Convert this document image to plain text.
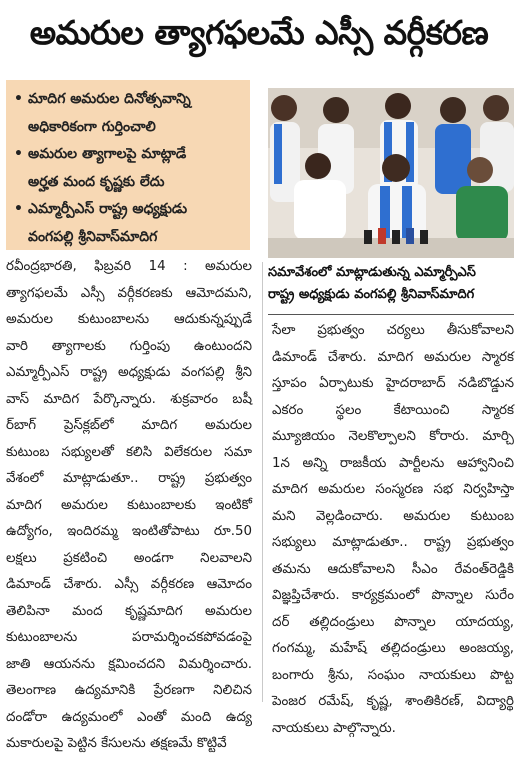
అమరుల త్యాగఫలమే ఎస్సీ వర్గీకరణ
• మాదిగ అమరుల దినోత్సవాన్ని
అధికారికంగా గుర్తించాలి
• అమరుల త్యాగాలపై మాట్లాడే
అర్హత మంద కృష్ణకు లేదు
• ఎమ్మార్పీఎస్ రాష్ట్ర అధ్యక్షుడు
వంగపల్లి శ్రీనివాస్‌మాదిగ
సమావేశంలో మాట్లాడుతున్న ఎమ్మార్పీఎస్
రాష్ట్ర అధ్యక్షుడు వంగపల్లి శ్రీనివాస్‌మాదిగ
రవీంద్రభారతి, ఫిబ్రవరి 14 : అమరుల
త్యాగఫలమే ఎస్సీ వర్గీకరణకు ఆమోదమని,
అమరుల కుటుంబాలను ఆదుకున్నప్పుడే
వారి త్యాగాలకు గుర్తింపు ఉంటుందని
ఎమ్మార్పీఎస్ రాష్ట్ర అధ్యక్షుడు వంగపల్లి శ్రీని
వాస్ మాదిగ పేర్కొన్నారు. శుక్రవారం బషీ
ర్‌బాగ్ ప్రెస్‌క్లబ్‌లో మాదిగ అమరుల
కుటుంబ సభ్యులతో కలిసి విలేకరుల సమా
వేశంలో మాట్లాడుతూ.. రాష్ట్ర ప్రభుత్వం
మాదిగ అమరుల కుటుంబాలకు ఇంటికో
ఉద్యోగం, ఇందిరమ్మ ఇంటితోపాటు రూ.50
లక్షలు ప్రకటించి అండగా నిలవాలని
డిమాండ్ చేశారు. ఎస్సీ వర్గీకరణ ఆమోదం
తెలిపినా మంద కృష్ణమాదిగ అమరుల
కుటుంబాలను పరామర్శించకపోవడంపై
జాతి ఆయనను క్షమించదని విమర్శించారు.
తెలంగాణ ఉద్యమానికి ప్రేరణగా నిలిచిన
దండోరా ఉద్యమంలో ఎంతో మంది ఉద్య
మకారులపై పెట్టిన కేసులను తక్షణమే కొట్టివే
సేలా ప్రభుత్వం చర్యలు తీసుకోవాలని
డిమాండ్ చేశారు. మాదిగ అమరుల స్మారక
స్తూపం ఏర్పాటుకు హైదరాబాద్ నడిబొడ్డున
ఎకరం స్థలం కేటాయించి స్మారక
మ్యూజియం నెలకొల్పాలని కోరారు. మార్చి
1న అన్ని రాజకీయ పార్టీలను ఆహ్వానించి
మాదిగ అమరుల సంస్మరణ సభ నిర్వహిస్తా
మని వెల్లడించారు. అమరుల కుటుంబ
సభ్యులు మాట్లాడుతూ.. రాష్ట్ర ప్రభుత్వం
తమను ఆదుకోవాలని సీఎం రేవంత్‌రెడ్డికి
విజ్ఞప్తిచేశారు. కార్యక్రమంలో పొన్నాల సురేం
దర్ తల్లిదండ్రులు పొన్నాల యాదయ్య,
గంగమ్మ, మహేష్ తల్లిదండ్రులు అంజయ్య,
బంగారు శ్రీను, సంఘం నాయకులు పొట్ట
పెంజర రమేష్, కృష్ణ, శాంతికిరణ్, విద్యార్థి
నాయకులు పాల్గొన్నారు.
